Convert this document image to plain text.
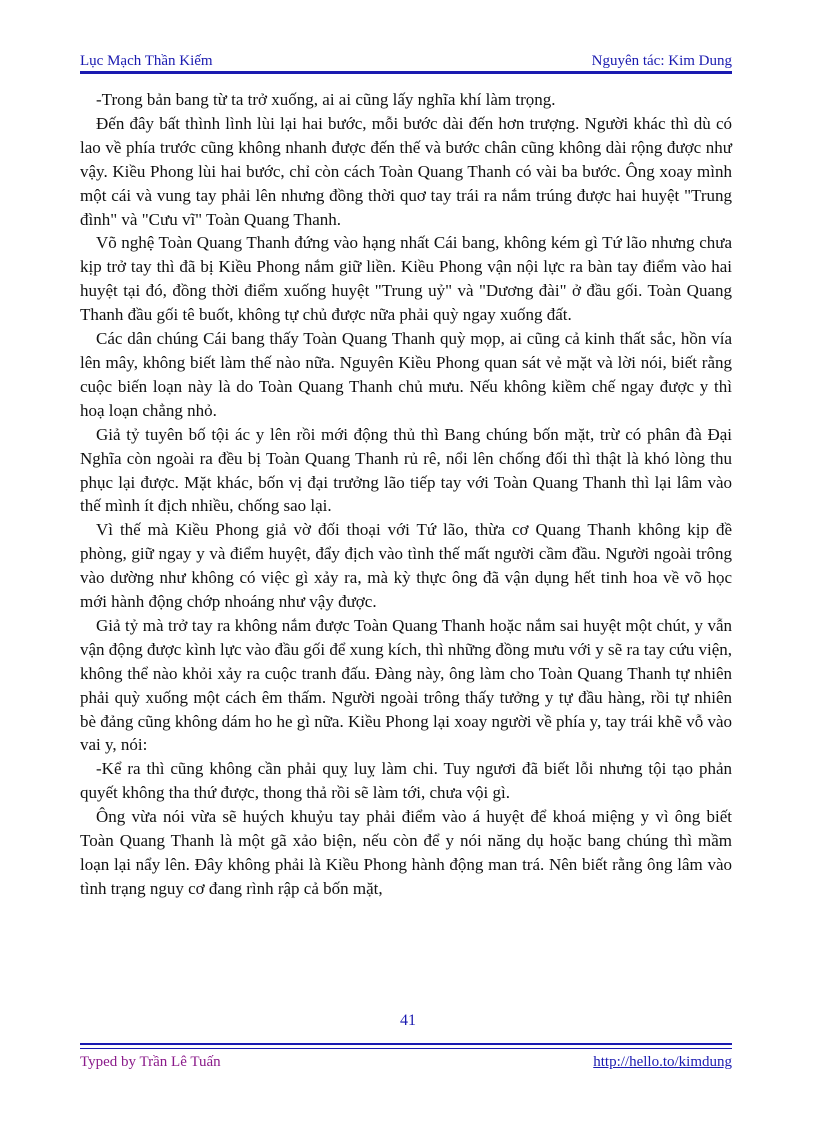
Lục Mạch Thần Kiếm	Nguyên tác: Kim Dung

-Trong bản bang từ ta trở xuống, ai ai cũng lấy nghĩa khí làm trọng.

Đến đây bất thình lình lùi lại hai bước, mỗi bước dài đến hơn trượng. Người khác thì dù có lao về phía trước cũng không nhanh được đến thế và bước chân cũng không dài rộng được như vậy. Kiều Phong lùi hai bước, chỉ còn cách Toàn Quang Thanh có vài ba bước. Ông xoay mình một cái và vung tay phải lên nhưng đồng thời quơ tay trái ra nắm trúng được hai huyệt "Trung đình" và "Cưu vĩ" Toàn Quang Thanh.

Võ nghệ Toàn Quang Thanh đứng vào hạng nhất Cái bang, không kém gì Tứ lão nhưng chưa kịp trở tay thì đã bị Kiều Phong nắm giữ liền. Kiều Phong vận nội lực ra bàn tay điểm vào hai huyệt tại đó, đồng thời điểm xuống huyệt "Trung uỷ" và "Dương đài" ở đầu gối. Toàn Quang Thanh đầu gối tê buốt, không tự chủ được nữa phải quỳ ngay xuống đất.

Các dân chúng Cái bang thấy Toàn Quang Thanh quỳ mọp, ai cũng cả kinh thất sắc, hồn vía lên mây, không biết làm thế nào nữa. Nguyên Kiều Phong quan sát vẻ mặt và lời nói, biết rằng cuộc biến loạn này là do Toàn Quang Thanh chủ mưu. Nếu không kiềm chế ngay được y thì hoạ loạn chẳng nhỏ.

Giả tỷ tuyên bố tội ác y lên rồi mới động thủ thì Bang chúng bốn mặt, trừ có phân đà Đại Nghĩa còn ngoài ra đều bị Toàn Quang Thanh rủ rê, nổi lên chống đối thì thật là khó lòng thu phục lại được. Mặt khác, bốn vị đại trưởng lão tiếp tay với Toàn Quang Thanh thì lại lâm vào thế mình ít địch nhiều, chống sao lại.

Vì thế mà Kiều Phong giả vờ đối thoại với Tứ lão, thừa cơ Quang Thanh không kịp đề phòng, giữ ngay y và điểm huyệt, đẩy địch vào tình thế mất người cầm đầu. Người ngoài trông vào dường như không có việc gì xảy ra, mà kỳ thực ông đã vận dụng hết tinh hoa về võ học mới hành động chớp nhoáng như vậy được.

Giả tỷ mà trở tay ra không nắm được Toàn Quang Thanh hoặc nắm sai huyệt một chút, y vẫn vận động được kình lực vào đầu gối để xung kích, thì những đồng mưu với y sẽ ra tay cứu viện, không thể nào khỏi xảy ra cuộc tranh đấu. Đàng này, ông làm cho Toàn Quang Thanh tự nhiên phải quỳ xuống một cách êm thấm. Người ngoài trông thấy tưởng y tự đầu hàng, rồi tự nhiên bè đảng cũng không dám ho he gì nữa. Kiều Phong lại xoay người về phía y, tay trái khẽ vỗ vào vai y, nói:

-Kể ra thì cũng không cần phải quỵ luỵ làm chi. Tuy ngươi đã biết lỗi nhưng tội tạo phản quyết không tha thứ được, thong thả rồi sẽ làm tới, chưa vội gì.

Ông vừa nói vừa sẽ huých khuỷu tay phải điểm vào á huyệt để khoá miệng y vì ông biết Toàn Quang Thanh là một gã xảo biện, nếu còn để y nói năng dụ hoặc bang chúng thì mầm loạn lại nẩy lên. Đây không phải là Kiều Phong hành động man trá. Nên biết rằng ông lâm vào tình trạng nguy cơ đang rình rập cả bốn mặt,

41
Typed by Trần Lê Tuấn	http://hello.to/kimdung
